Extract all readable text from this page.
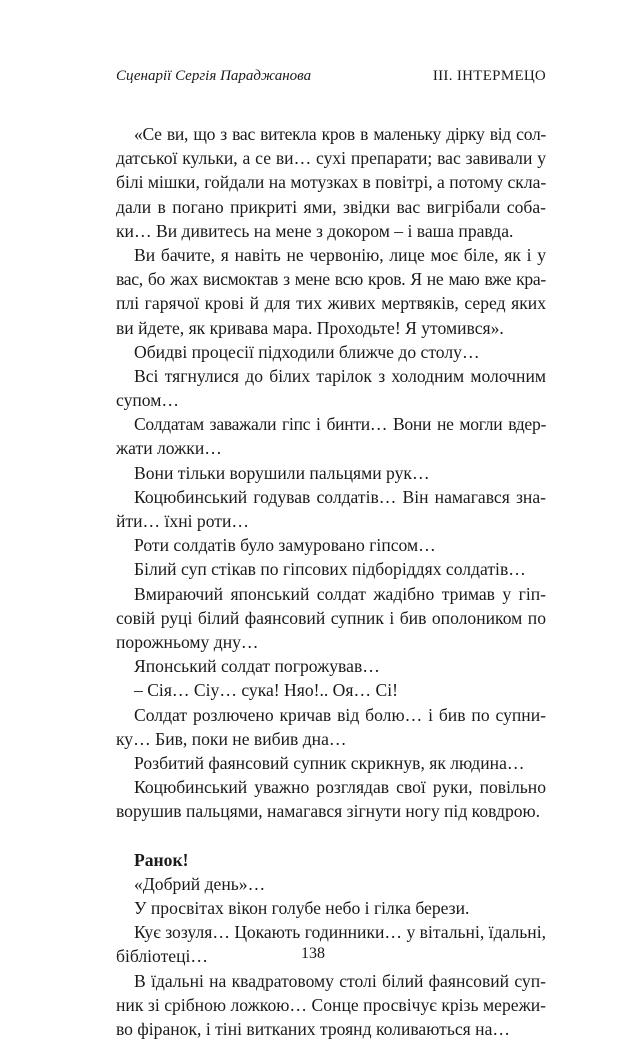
Сценарії Сергія Параджанова	III. ІНТЕРМЕЦО
«Се ви, що з вас витекла кров в маленьку дірку від сол-
датської кульки, а се ви… сухі препарати; вас завивали у
білі мішки, гойдали на мотузках в повітрі, а потому скла-
дали в погано прикриті ями, звідки вас вигрібали соба-
ки… Ви дивитесь на мене з докором – і ваша правда.
Ви бачите, я навіть не червонію, лице моє біле, як і у
вас, бо жах висмоктав з мене всю кров. Я не маю вже кра-
плі гарячої крові й для тих живих мертвяків, серед яких
ви йдете, як кривава мара. Проходьте! Я утомився».
Обидві процесії підходили ближче до столу…
Всі тягнулися до білих тарілок з холодним молочним
супом…
Солдатам заважали гіпс і бинти… Вони не могли вдер-
жати ложки…
Вони тільки ворушили пальцями рук…
Коцюбинський годував солдатів… Він намагався зна-
йти… їхні роти…
Роти солдатів було замуровано гіпсом…
Білий суп стікав по гіпсових підборіддях солдатів…
Вмираючий японський солдат жадібно тримав у гіп-
совій руці білий фаянсовий супник і бив ополоником по
порожньому дну…
Японський солдат погрожував…
– Сія… Сіу… сука! Няо!.. Оя… Сі!
Солдат розлючено кричав від болю… і бив по супни-
ку… Бив, поки не вибив дна…
Розбитий фаянсовий супник скрикнув, як людина…
Коцюбинський уважно розглядав свої руки, повільно
ворушив пальцями, намагався зігнути ногу під ковдрою.
Ранок!
«Добрий день»…
У просвітах вікон голубе небо і гілка берези.
Кує зозуля… Цокають годинники… у вітальні, їдальні,
бібліотеці…
В їдальні на квадратовому столі білий фаянсовий суп-
ник зі срібною ложкою… Сонце просвічує крізь мережи-
во фіранок, і тіні витканих троянд коливаються на…
138
